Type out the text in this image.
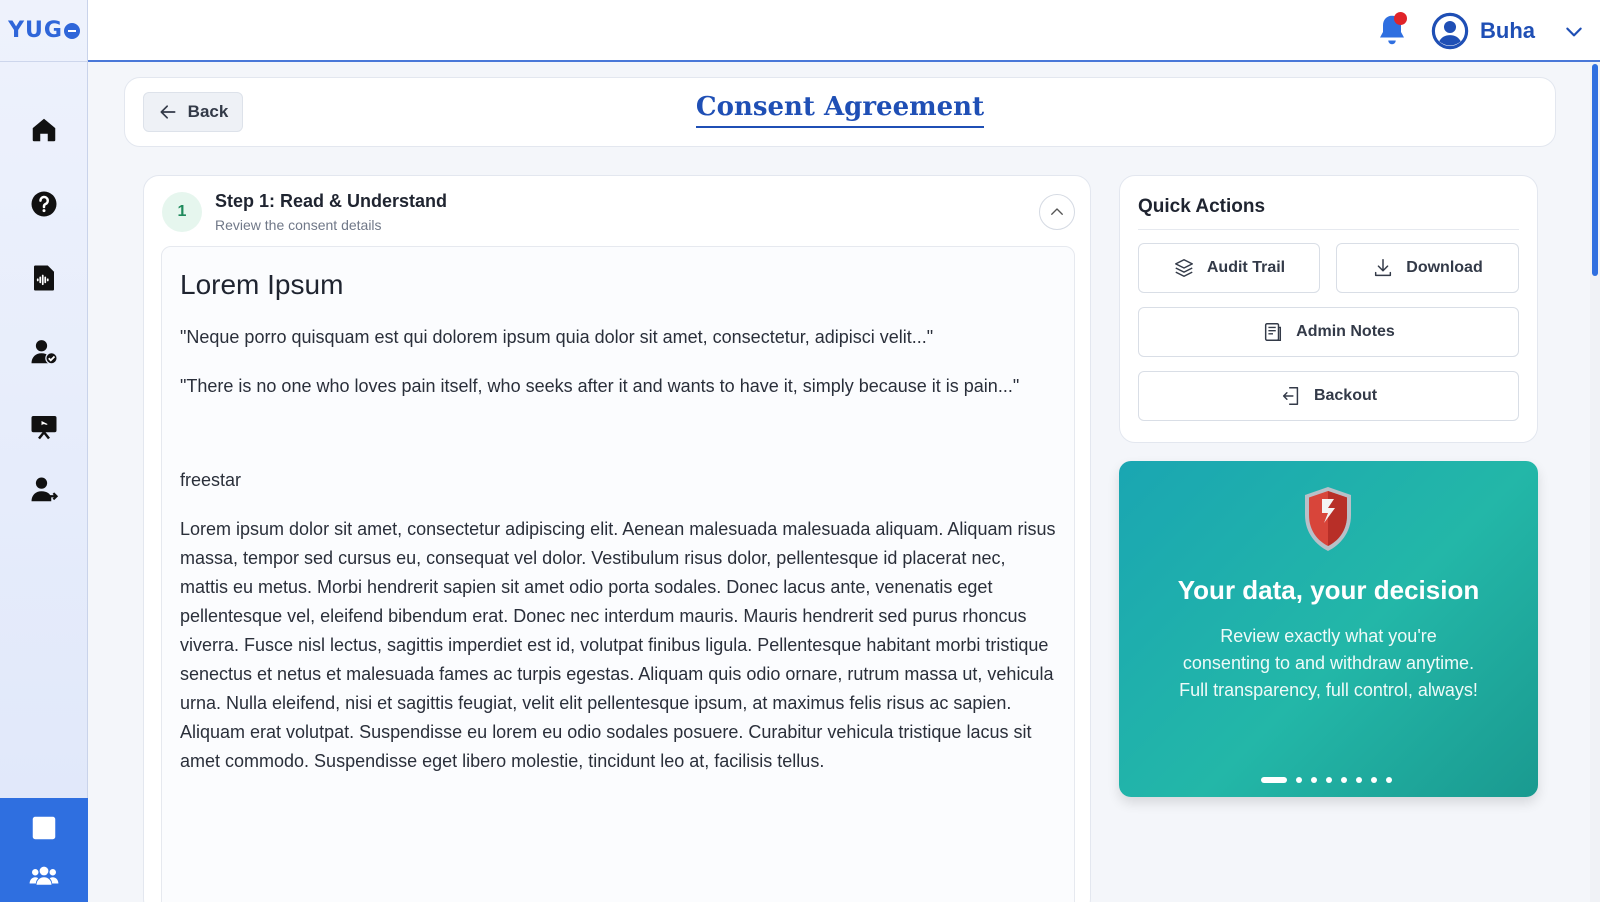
YUG	Buha
Back	Consent Agreement
1
Step 1: Read & Understand
Review the consent details
Lorem Ipsum

"Neque porro quisquam est qui dolorem ipsum quia dolor sit amet, consectetur, adipisci velit..."

"There is no one who loves pain itself, who seeks after it and wants to have it, simply because it is pain..."

freestar

Lorem ipsum dolor sit amet, consectetur adipiscing elit. Aenean malesuada malesuada aliquam. Aliquam risus massa, tempor sed cursus eu, consequat vel dolor. Vestibulum risus dolor, pellentesque id placerat nec, mattis eu metus. Morbi hendrerit sapien sit amet odio porta sodales. Donec lacus ante, venenatis eget pellentesque vel, eleifend bibendum erat. Donec nec interdum mauris. Mauris hendrerit sed purus rhoncus viverra. Fusce nisl lectus, sagittis imperdiet est id, volutpat finibus ligula. Pellentesque habitant morbi tristique senectus et netus et malesuada fames ac turpis egestas. Aliquam quis odio ornare, rutrum massa ut, vehicula urna. Nulla eleifend, nisi et sagittis feugiat, velit elit pellentesque ipsum, at maximus felis risus ac sapien. Aliquam erat volutpat. Suspendisse eu lorem eu odio sodales posuere. Curabitur vehicula tristique lacus sit amet commodo. Suspendisse eget libero molestie, tincidunt leo at, facilisis tellus.

Quick Actions
Audit Trail	Download
Admin Notes
Backout
Your data, your decision
Review exactly what you're consenting to and withdraw anytime. Full transparency, full control, always!
